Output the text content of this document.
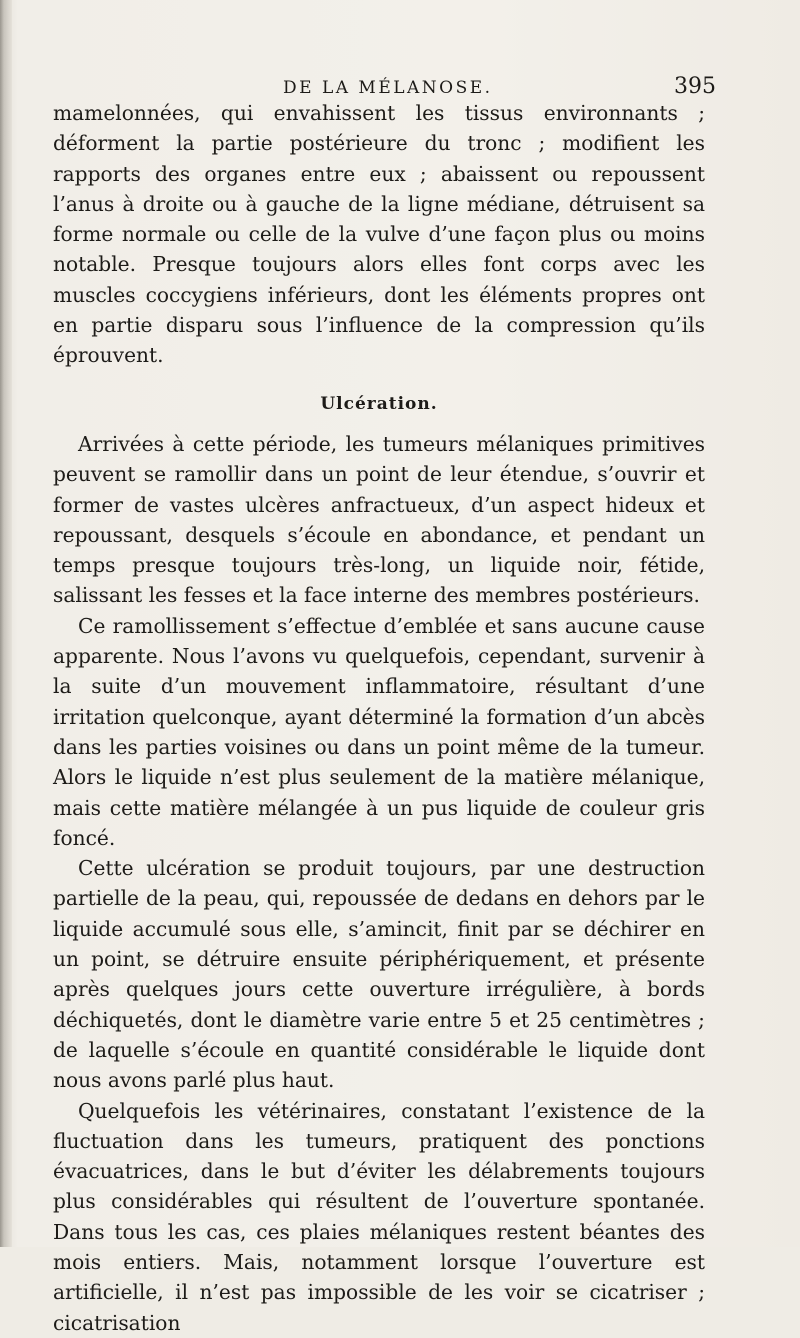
DE LA MÉLANOSE.	395

mamelonnées, qui envahissent les tissus environnants ; déforment la partie postérieure du tronc ; modifient les rapports des organes entre eux ; abaissent ou repoussent l’anus à droite ou à gauche de la ligne médiane, détruisent sa forme normale ou celle de la vulve d’une façon plus ou moins notable. Presque toujours alors elles font corps avec les muscles coccygiens inférieurs, dont les éléments propres ont en partie disparu sous l’influence de la compression qu’ils éprouvent.

Ulcération.

Arrivées à cette période, les tumeurs mélaniques primitives peuvent se ramollir dans un point de leur étendue, s’ouvrir et former de vastes ulcères anfractueux, d’un aspect hideux et repoussant, desquels s’écoule en abondance, et pendant un temps presque toujours très-long, un liquide noir, fétide, salissant les fesses et la face interne des membres postérieurs.

Ce ramollissement s’effectue d’emblée et sans aucune cause apparente. Nous l’avons vu quelquefois, cependant, survenir à la suite d’un mouvement inflammatoire, résultant d’une irritation quelconque, ayant déterminé la formation d’un abcès dans les parties voisines ou dans un point même de la tumeur. Alors le liquide n’est plus seulement de la matière mélanique, mais cette matière mélangée à un pus liquide de couleur gris foncé.

Cette ulcération se produit toujours, par une destruction partielle de la peau, qui, repoussée de dedans en dehors par le liquide accumulé sous elle, s’amincit, finit par se déchirer en un point, se détruire ensuite périphériquement, et présente après quelques jours cette ouverture irrégulière, à bords déchiquetés, dont le diamètre varie entre 5 et 25 centimètres ; de laquelle s’écoule en quantité considérable le liquide dont nous avons parlé plus haut.

Quelquefois les vétérinaires, constatant l’existence de la fluctuation dans les tumeurs, pratiquent des ponctions évacuatrices, dans le but d’éviter les délabrements toujours plus considérables qui résultent de l’ouverture spontanée. Dans tous les cas, ces plaies mélaniques restent béantes des mois entiers. Mais, notamment lorsque l’ouverture est artificielle, il n’est pas impossible de les voir se cicatriser ; cicatrisation
